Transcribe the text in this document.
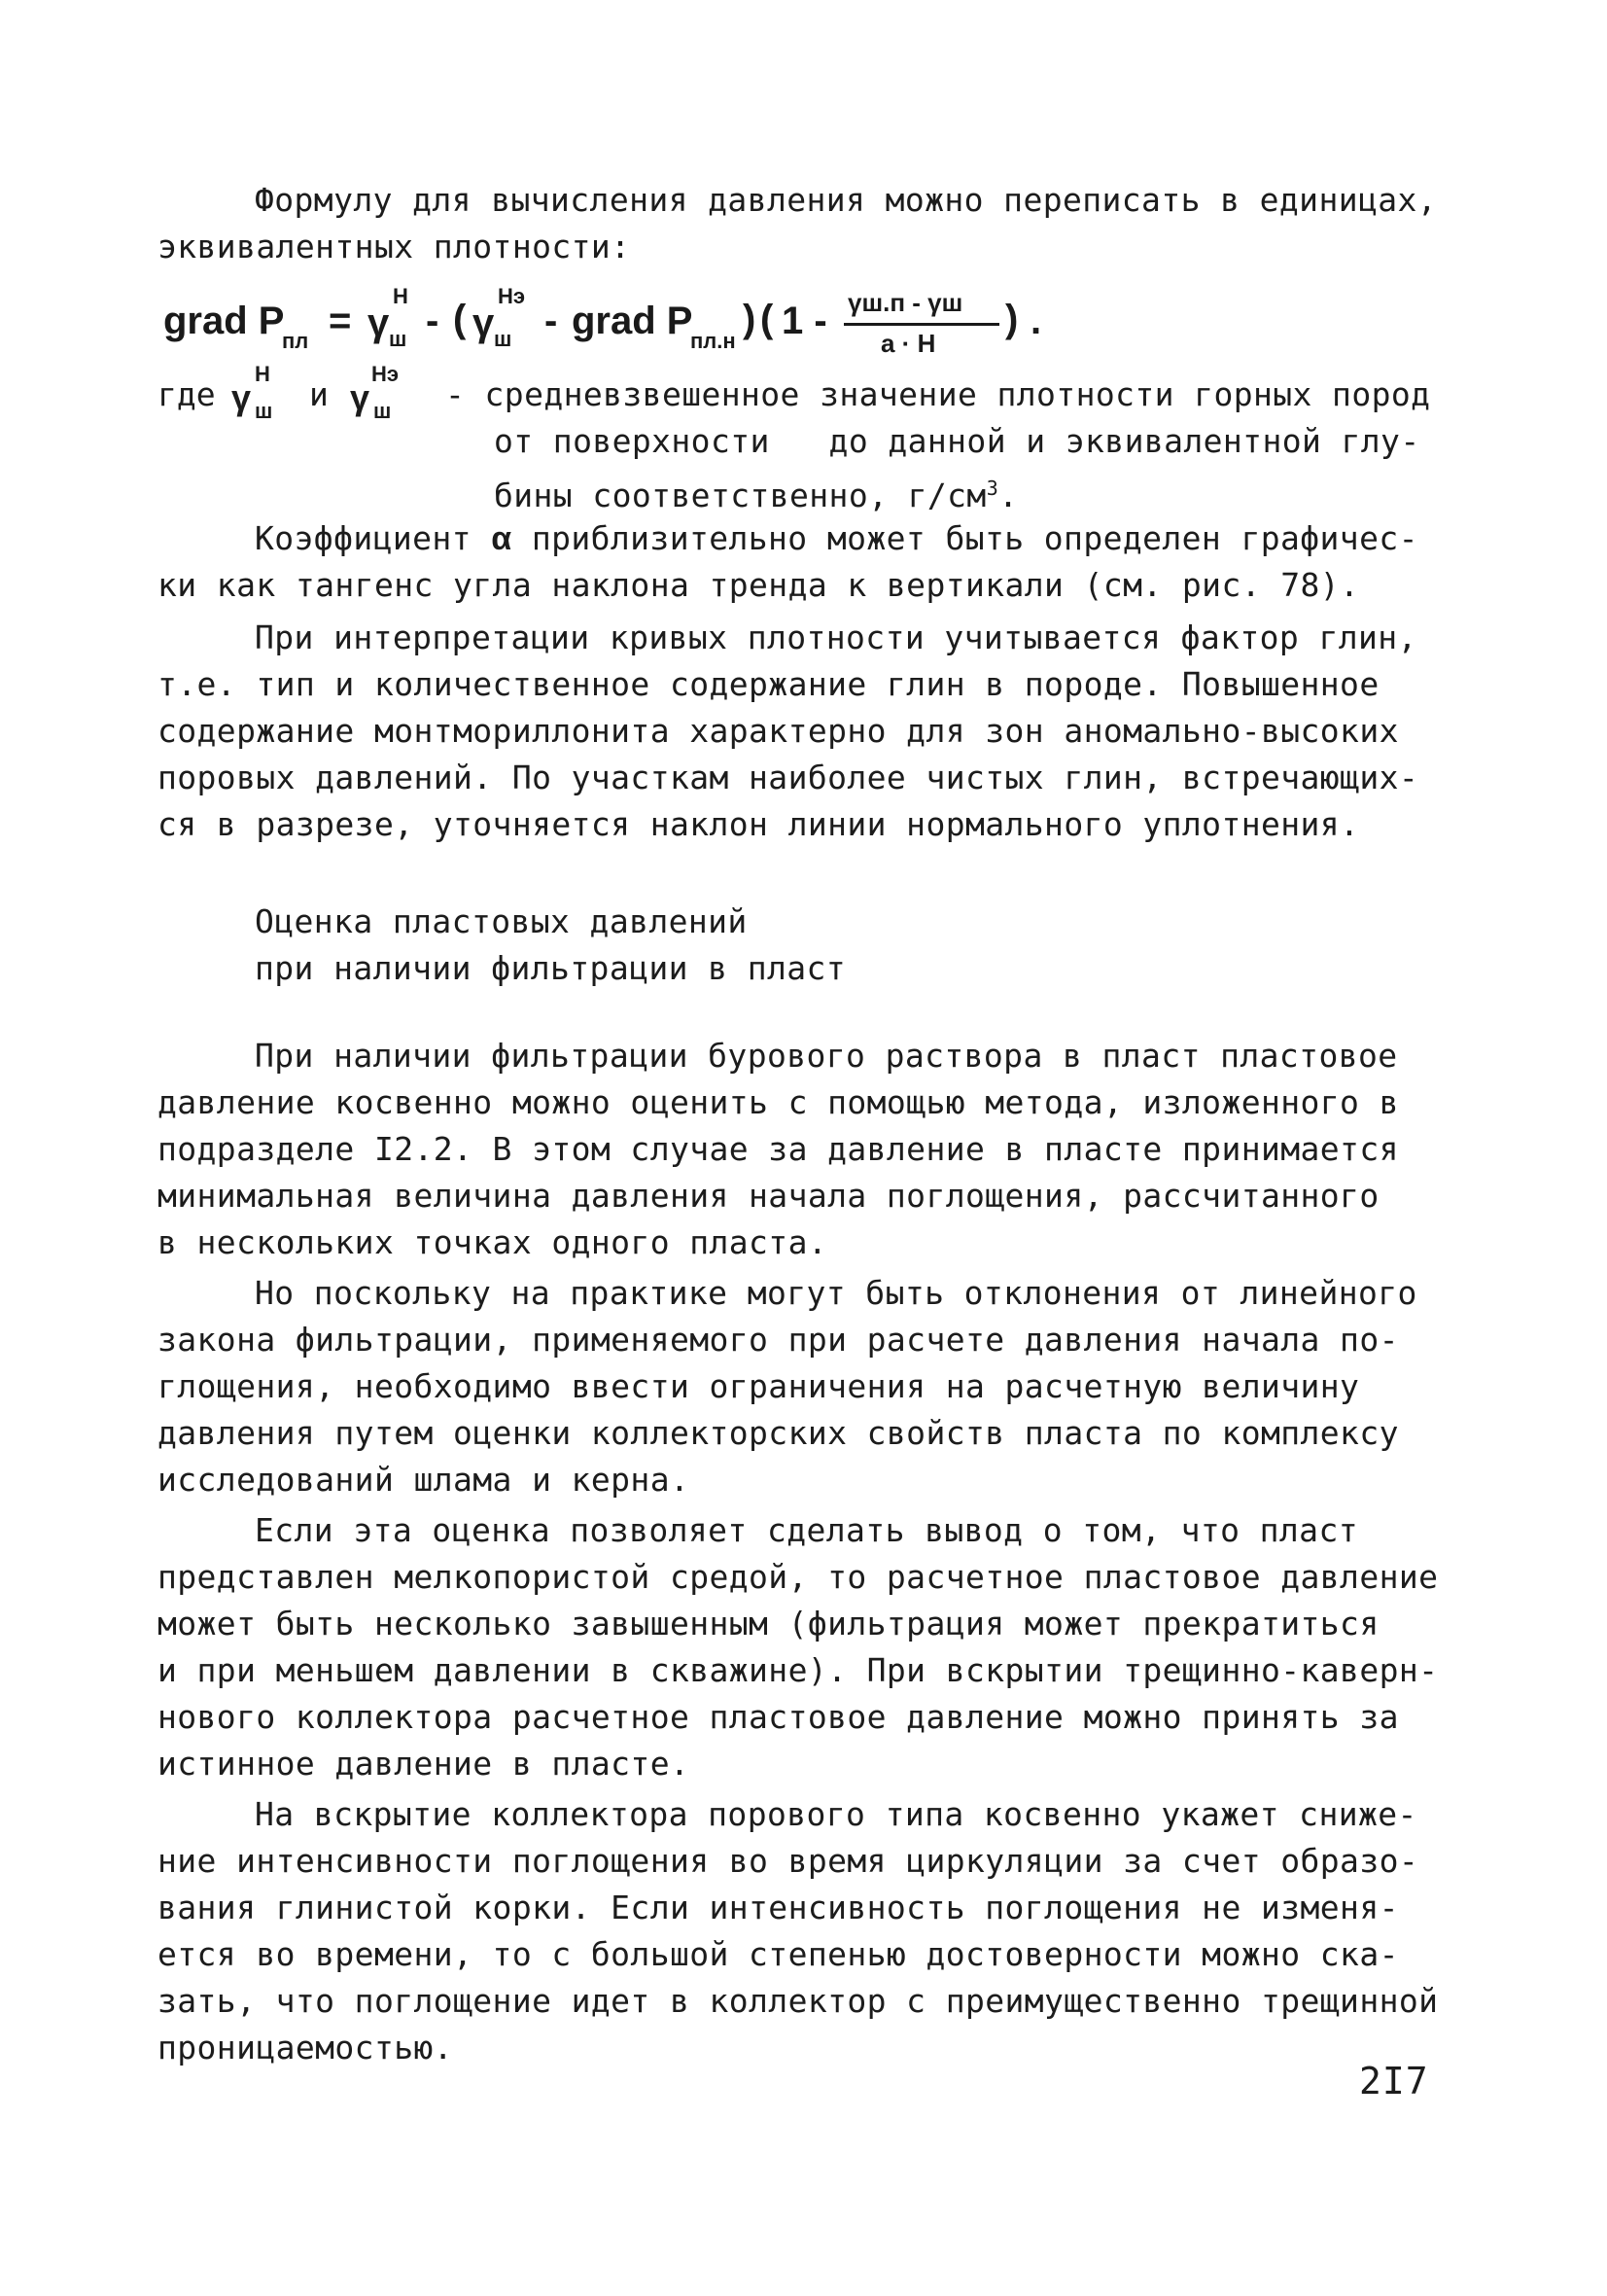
Формулу для вычисления давления можно переписать в единицах,
эквивалентных плотности:
grad P
пл = γ
Н
ш - ( γ
Нэ
ш - grad P
пл.н
) ( 1 - γш.п - γш
a · H
) .
где γ
Н
ш и γ
Нэ
ш - средневзвешенное значение плотности горных пород
от поверхности   до данной и эквивалентной глу-
бины соответственно, $г/см^3$.
Коэффициент α приблизительно может быть определен графичес-
ки как тангенс угла наклона тренда к вертикали (см. рис. 78).
При интерпретации кривых плотности учитывается фактор глин,
т.е. тип и количественное содержание глин в породе. Повышенное
содержание монтмориллонита характерно для зон аномально-высоких
поровых давлений. По участкам наиболее чистых глин, встречающих-
ся в разрезе, уточняется наклон линии нормального уплотнения.
Оценка пластовых давлений
при наличии фильтрации в пласт
При наличии фильтрации бурового раствора в пласт пластовое
давление косвенно можно оценить с помощью метода, изложенного в
подразделе I2.2. В этом случае за давление в пласте принимается
минимальная величина давления начала поглощения, рассчитанного
в нескольких точках одного пласта.
Но поскольку на практике могут быть отклонения от линейного
закона фильтрации, применяемого при расчете давления начала по-
глощения, необходимо ввести ограничения на расчетную величину
давления путем оценки коллекторских свойств пласта по комплексу
исследований шлама и керна.
Если эта оценка позволяет сделать вывод о том, что пласт
представлен мелкопористой средой, то расчетное пластовое давление
может быть несколько завышенным (фильтрация может прекратиться
и при меньшем давлении в скважине). При вскрытии трещинно-каверн-
нового коллектора расчетное пластовое давление можно принять за
истинное давление в пласте.
На вскрытие коллектора порового типа косвенно укажет сниже-
ние интенсивности поглощения во время циркуляции за счет образо-
вания глинистой корки. Если интенсивность поглощения не изменя-
ется во времени, то с большой степенью достоверности можно ска-
зать, что поглощение идет в коллектор с преимущественно трещинной
проницаемостью.
2I7
